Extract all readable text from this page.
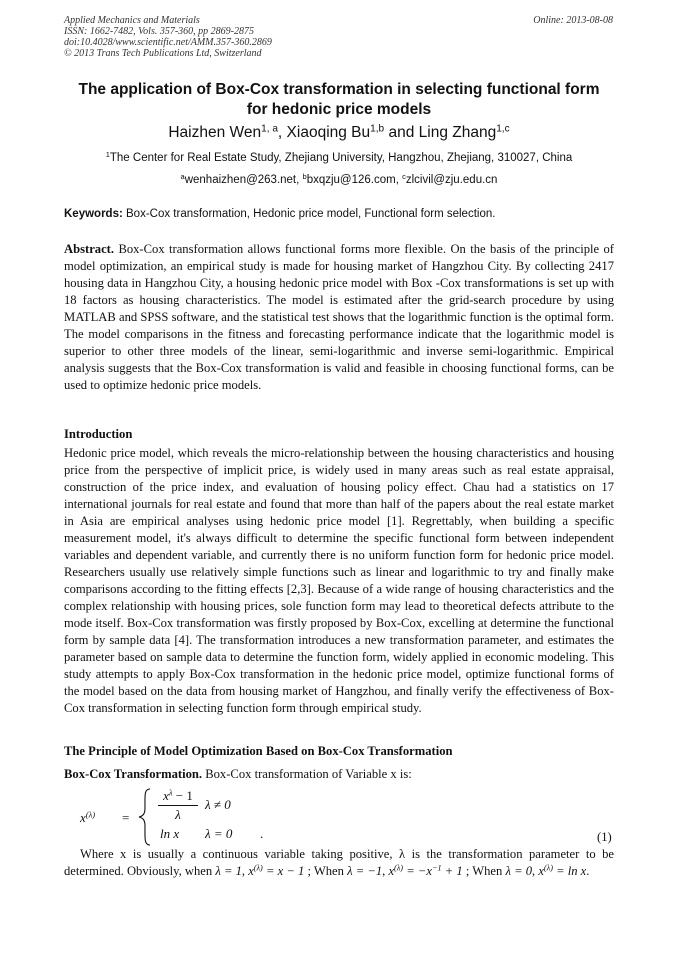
Applied Mechanics and Materials
ISSN: 1662-7482, Vols. 357-360, pp 2869-2875
doi:10.4028/www.scientific.net/AMM.357-360.2869
© 2013 Trans Tech Publications Ltd, Switzerland
Online: 2013-08-08
The application of Box-Cox transformation in selecting functional form
for hedonic price models
Haizhen Wen$^{1, a}$, Xiaoqing Bu$^{1,b}$ and Ling Zhang$^{1,c}$
$^1$The Center for Real Estate Study, Zhejiang University, Hangzhou, Zhejiang, 310027, China
$^a$wenhaizhen@263.net, $^b$bxqzju@126.com, $^c$zlcivil@zju.edu.cn
Keywords: Box-Cox transformation, Hedonic price model, Functional form selection.
Abstract. Box-Cox transformation allows functional forms more flexible. On the basis of the principle of model optimization, an empirical study is made for housing market of Hangzhou City. By collecting 2417 housing data in Hangzhou City, a housing hedonic price model with Box -Cox transformations is set up with 18 factors as housing characteristics. The model is estimated after the grid-search procedure by using MATLAB and SPSS software, and the statistical test shows that the logarithmic function is the optimal form. The model comparisons in the fitness and forecasting performance indicate that the logarithmic model is superior to other three models of the linear, semi-logarithmic and inverse semi-logarithmic. Empirical analysis suggests that the Box-Cox transformation is valid and feasible in choosing functional forms, can be used to optimize hedonic price models.
Introduction
Hedonic price model, which reveals the micro-relationship between the housing characteristics and housing price from the perspective of implicit price, is widely used in many areas such as real estate appraisal, construction of the price index, and evaluation of housing policy effect. Chau had a statistics on 17 international journals for real estate and found that more than half of the papers about the real estate market in Asia are empirical analyses using hedonic price model [1]. Regrettably, when building a specific measurement model, it's always difficult to determine the specific functional form between independent variables and dependent variable, and currently there is no uniform function form for hedonic price model. Researchers usually use relatively simple functions such as linear and logarithmic to try and finally make comparisons according to the fitting effects [2,3]. Because of a wide range of housing characteristics and the complex relationship with housing prices, sole function form may lead to theoretical defects attribute to the mode itself. Box-Cox transformation was firstly proposed by Box-Cox, excelling at determine the functional form by sample data [4]. The transformation introduces a new transformation parameter, and estimates the parameter based on sample data to determine the function form, widely applied in economic modeling. This study attempts to apply Box-Cox transformation in the hedonic price model, optimize functional forms of the model based on the data from housing market of Hangzhou, and finally verify the effectiveness of Box-Cox transformation in selecting function form through empirical study.
The Principle of Model Optimization Based on Box-Cox Transformation
Box-Cox Transformation. Box-Cox transformation of Variable x is:
$x^{(\lambda)} = \frac{x^\lambda - 1}{\lambda}$ λ ≠ 0
ln x λ = 0 .	(1)
Where x is usually a continuous variable taking positive, λ is the transformation parameter to be determined. Obviously, when λ = 1, $x^{(\lambda)} = x - 1$ ; When λ = −1, $x^{(\lambda)} = -x^{-1} + 1$ ; When λ = 0, $x^{(\lambda)} = \ln x$.
